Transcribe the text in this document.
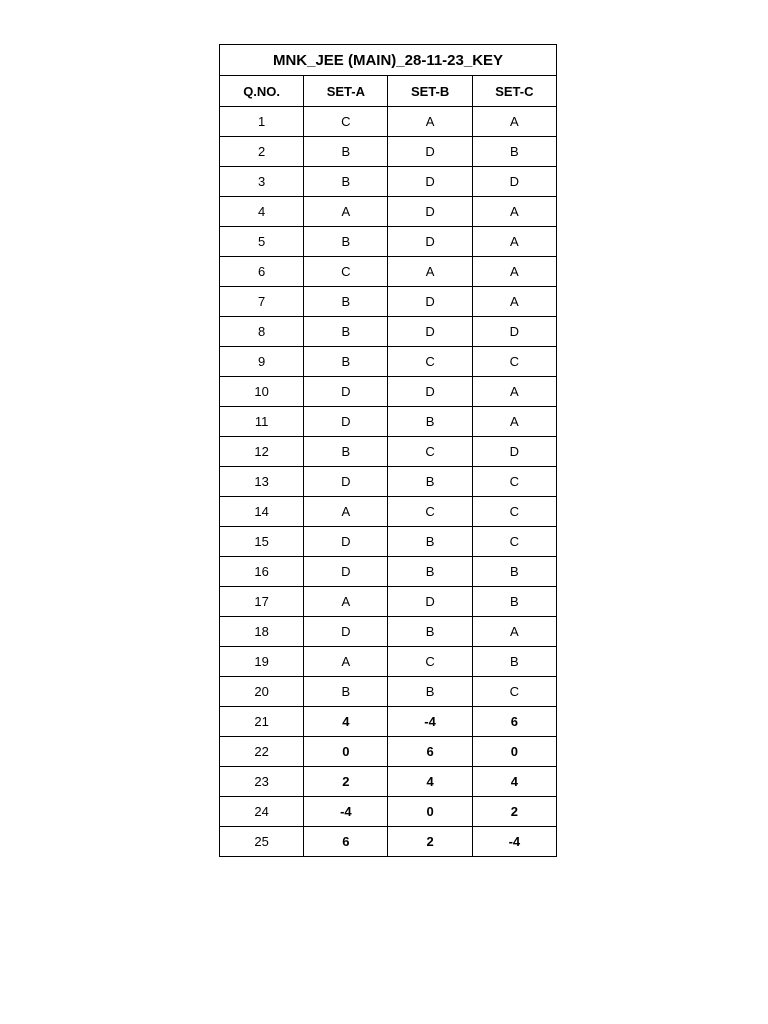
MNK_JEE (MAIN)_28-11-23_KEY			
Q.NO.	SET-A	SET-B	SET-C
1	C	A	A
2	B	D	B
3	B	D	D
4	A	D	A
5	B	D	A
6	C	A	A
7	B	D	A
8	B	D	D
9	B	C	C
10	D	D	A
11	D	B	A
12	B	C	D
13	D	B	C
14	A	C	C
15	D	B	C
16	D	B	B
17	A	D	B
18	D	B	A
19	A	C	B
20	B	B	C
21	4	-4	6
22	0	6	0
23	2	4	4
24	-4	0	2
25	6	2	-4
